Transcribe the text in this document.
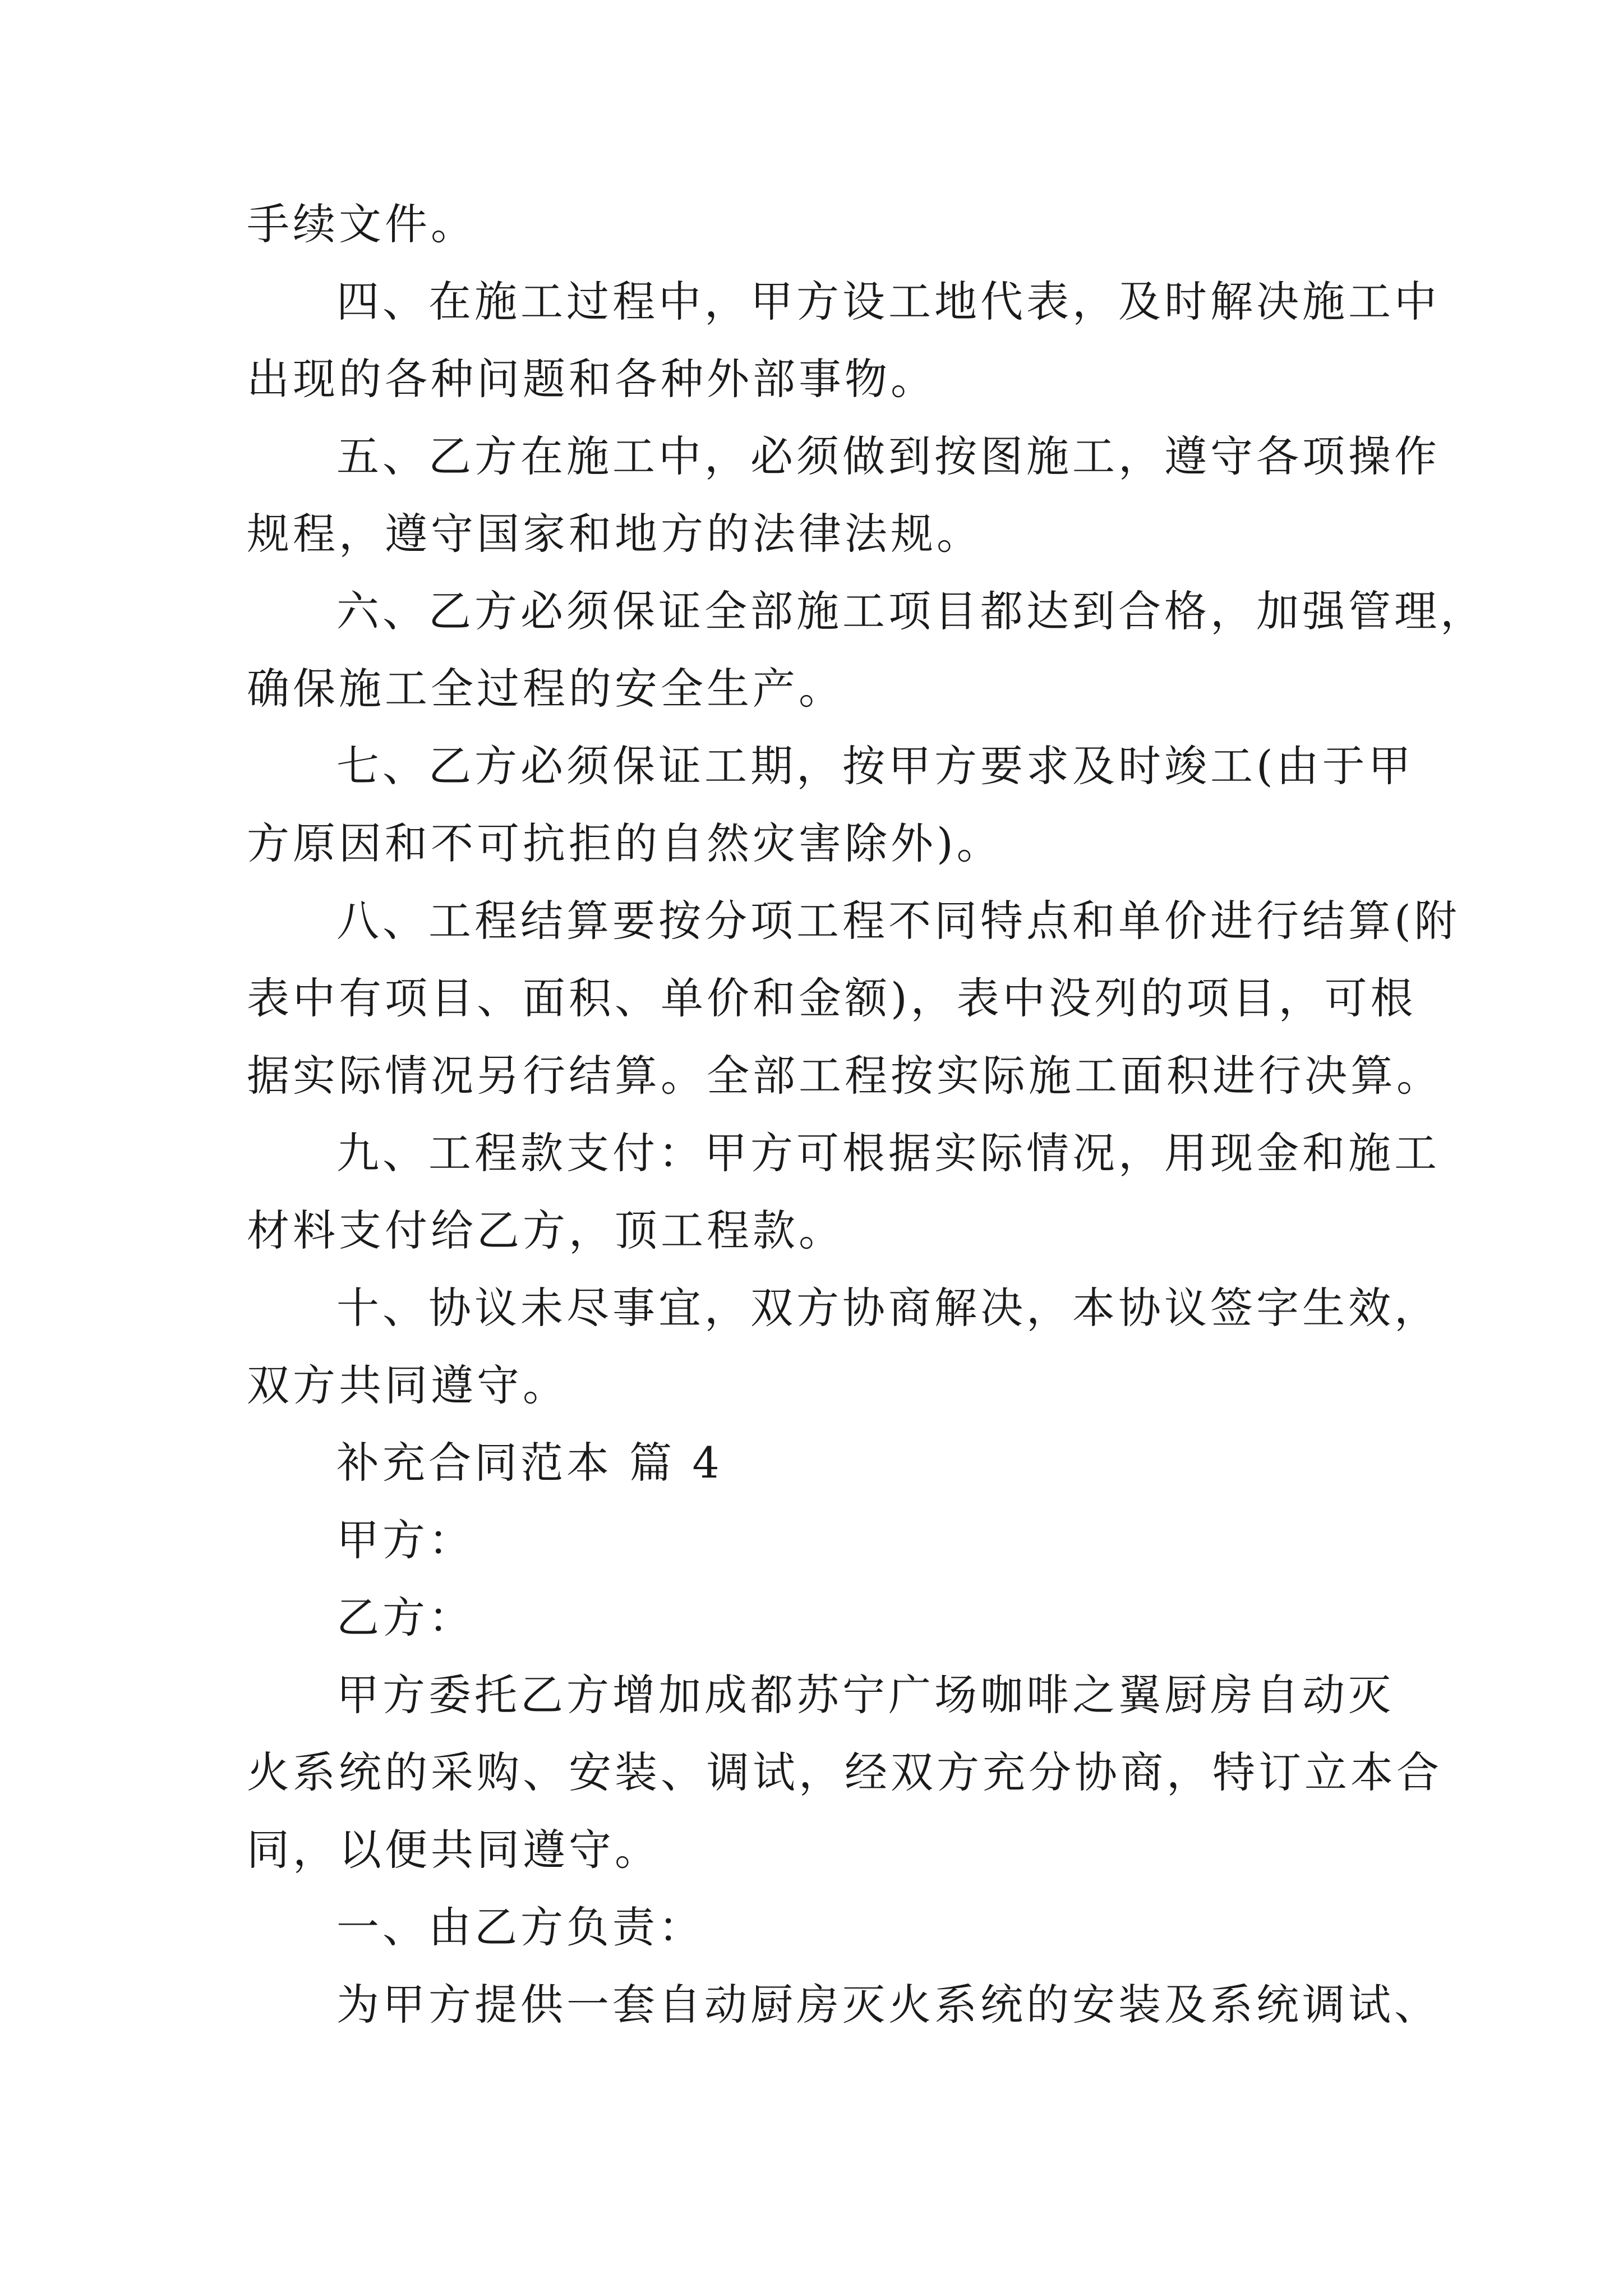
手续文件。
四、在施工过程中，甲方设工地代表，及时解决施工中
出现的各种问题和各种外部事物。
五、乙方在施工中，必须做到按图施工，遵守各项操作
规程，遵守国家和地方的法律法规。
六、乙方必须保证全部施工项目都达到合格，加强管理，
确保施工全过程的安全生产。
七、乙方必须保证工期，按甲方要求及时竣工(由于甲
方原因和不可抗拒的自然灾害除外)。
八、工程结算要按分项工程不同特点和单价进行结算(附
表中有项目、面积、单价和金额)，表中没列的项目，可根
据实际情况另行结算。全部工程按实际施工面积进行决算。
九、工程款支付：甲方可根据实际情况，用现金和施工
材料支付给乙方，顶工程款。
十、协议未尽事宜，双方协商解决，本协议签字生效，
双方共同遵守。
补充合同范本 篇 4
甲方：
乙方：
甲方委托乙方增加成都苏宁广场咖啡之翼厨房自动灭
火系统的采购、安装、调试，经双方充分协商，特订立本合
同，以便共同遵守。
一、由乙方负责：
为甲方提供一套自动厨房灭火系统的安装及系统调试、
